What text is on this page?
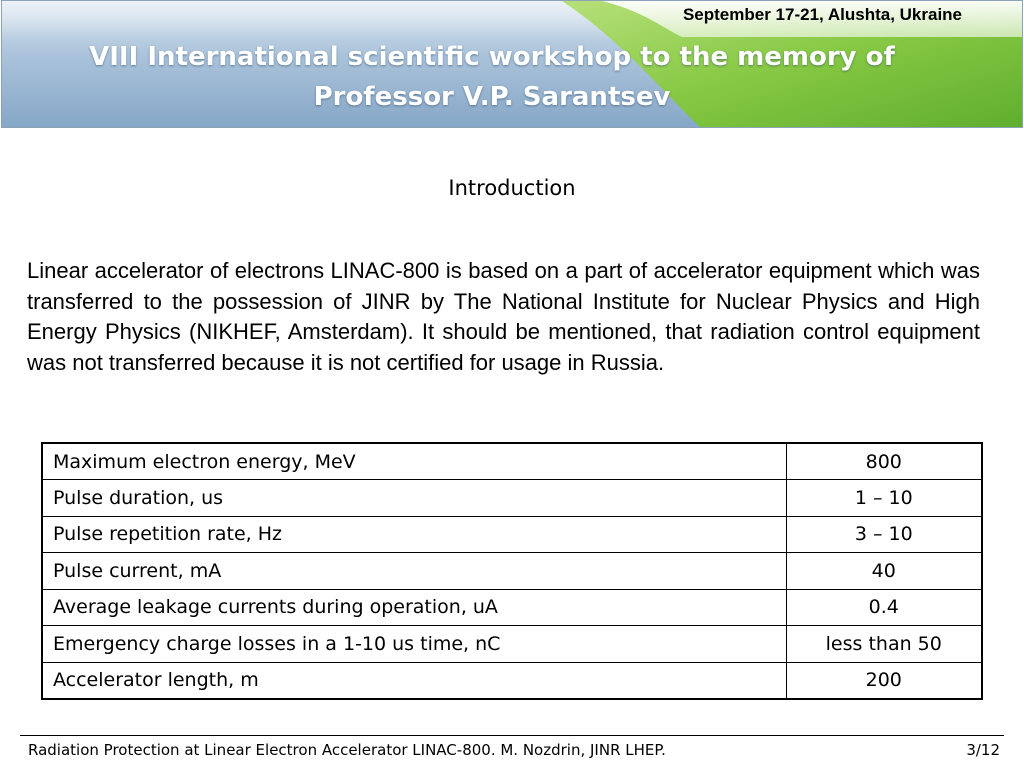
September 17-21, Alushta, Ukraine
VIII International scientific workshop to the memory of
Professor V.P. Sarantsev
Introduction

Linear accelerator of electrons LINAC-800 is based on a part of accelerator equipment which was transferred to the possession of JINR by The National Institute for Nuclear Physics and High Energy Physics (NIKHEF, Amsterdam). It should be mentioned, that radiation control equipment was not transferred because it is not certified for usage in Russia.

Maximum electron energy, MeV	800
Pulse duration, us	1 – 10
Pulse repetition rate, Hz	3 – 10
Pulse current, mA	40
Average leakage currents during operation, uA	0.4
Emergency charge losses in a 1-10 us time, nC	less than 50
Accelerator length, m	200
Radiation Protection at Linear Electron Accelerator LINAC-800. M. Nozdrin, JINR LHEP.	3/12
